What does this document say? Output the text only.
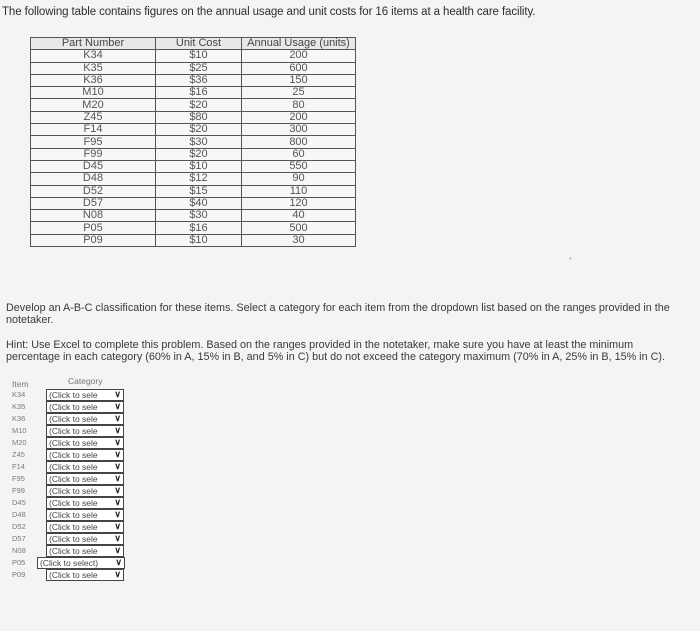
The following table contains figures on the annual usage and unit costs for 16 items at a health care facility.
Part Number	Unit Cost	Annual Usage (units)
K34	$10	200
K35	$25	600
K36	$36	150
M10	$16	25
M20	$20	80
Z45	$80	200
F14	$20	300
F95	$30	800
F99	$20	60
D45	$10	550
D48	$12	90
D52	$15	110
D57	$40	120
N08	$30	40
P05	$16	500
P09	$10	30
*
Develop an A-B-C classification for these items. Select a category for each item from the dropdown list based on the ranges provided in the notetaker.
Hint: Use Excel to complete this problem. Based on the ranges provided in the notetaker, make sure you have at least the minimum percentage in each category (60% in A, 15% in B, and 5% in C) but do not exceed the category maximum (70% in A, 25% in B, 15% in C).
Item	Category
K34	(Click to sele ∨
K35	(Click to sele ∨
K36	(Click to sele ∨
M10	(Click to sele ∨
M20	(Click to sele ∨
Z45	(Click to sele ∨
F14	(Click to sele ∨
F95	(Click to sele ∨
F99	(Click to sele ∨
D45	(Click to sele ∨
D48	(Click to sele ∨
D52	(Click to sele ∨
D57	(Click to sele ∨
N08	(Click to sele ∨
P05	(Click to select) ∨
P09	(Click to sele ∨
